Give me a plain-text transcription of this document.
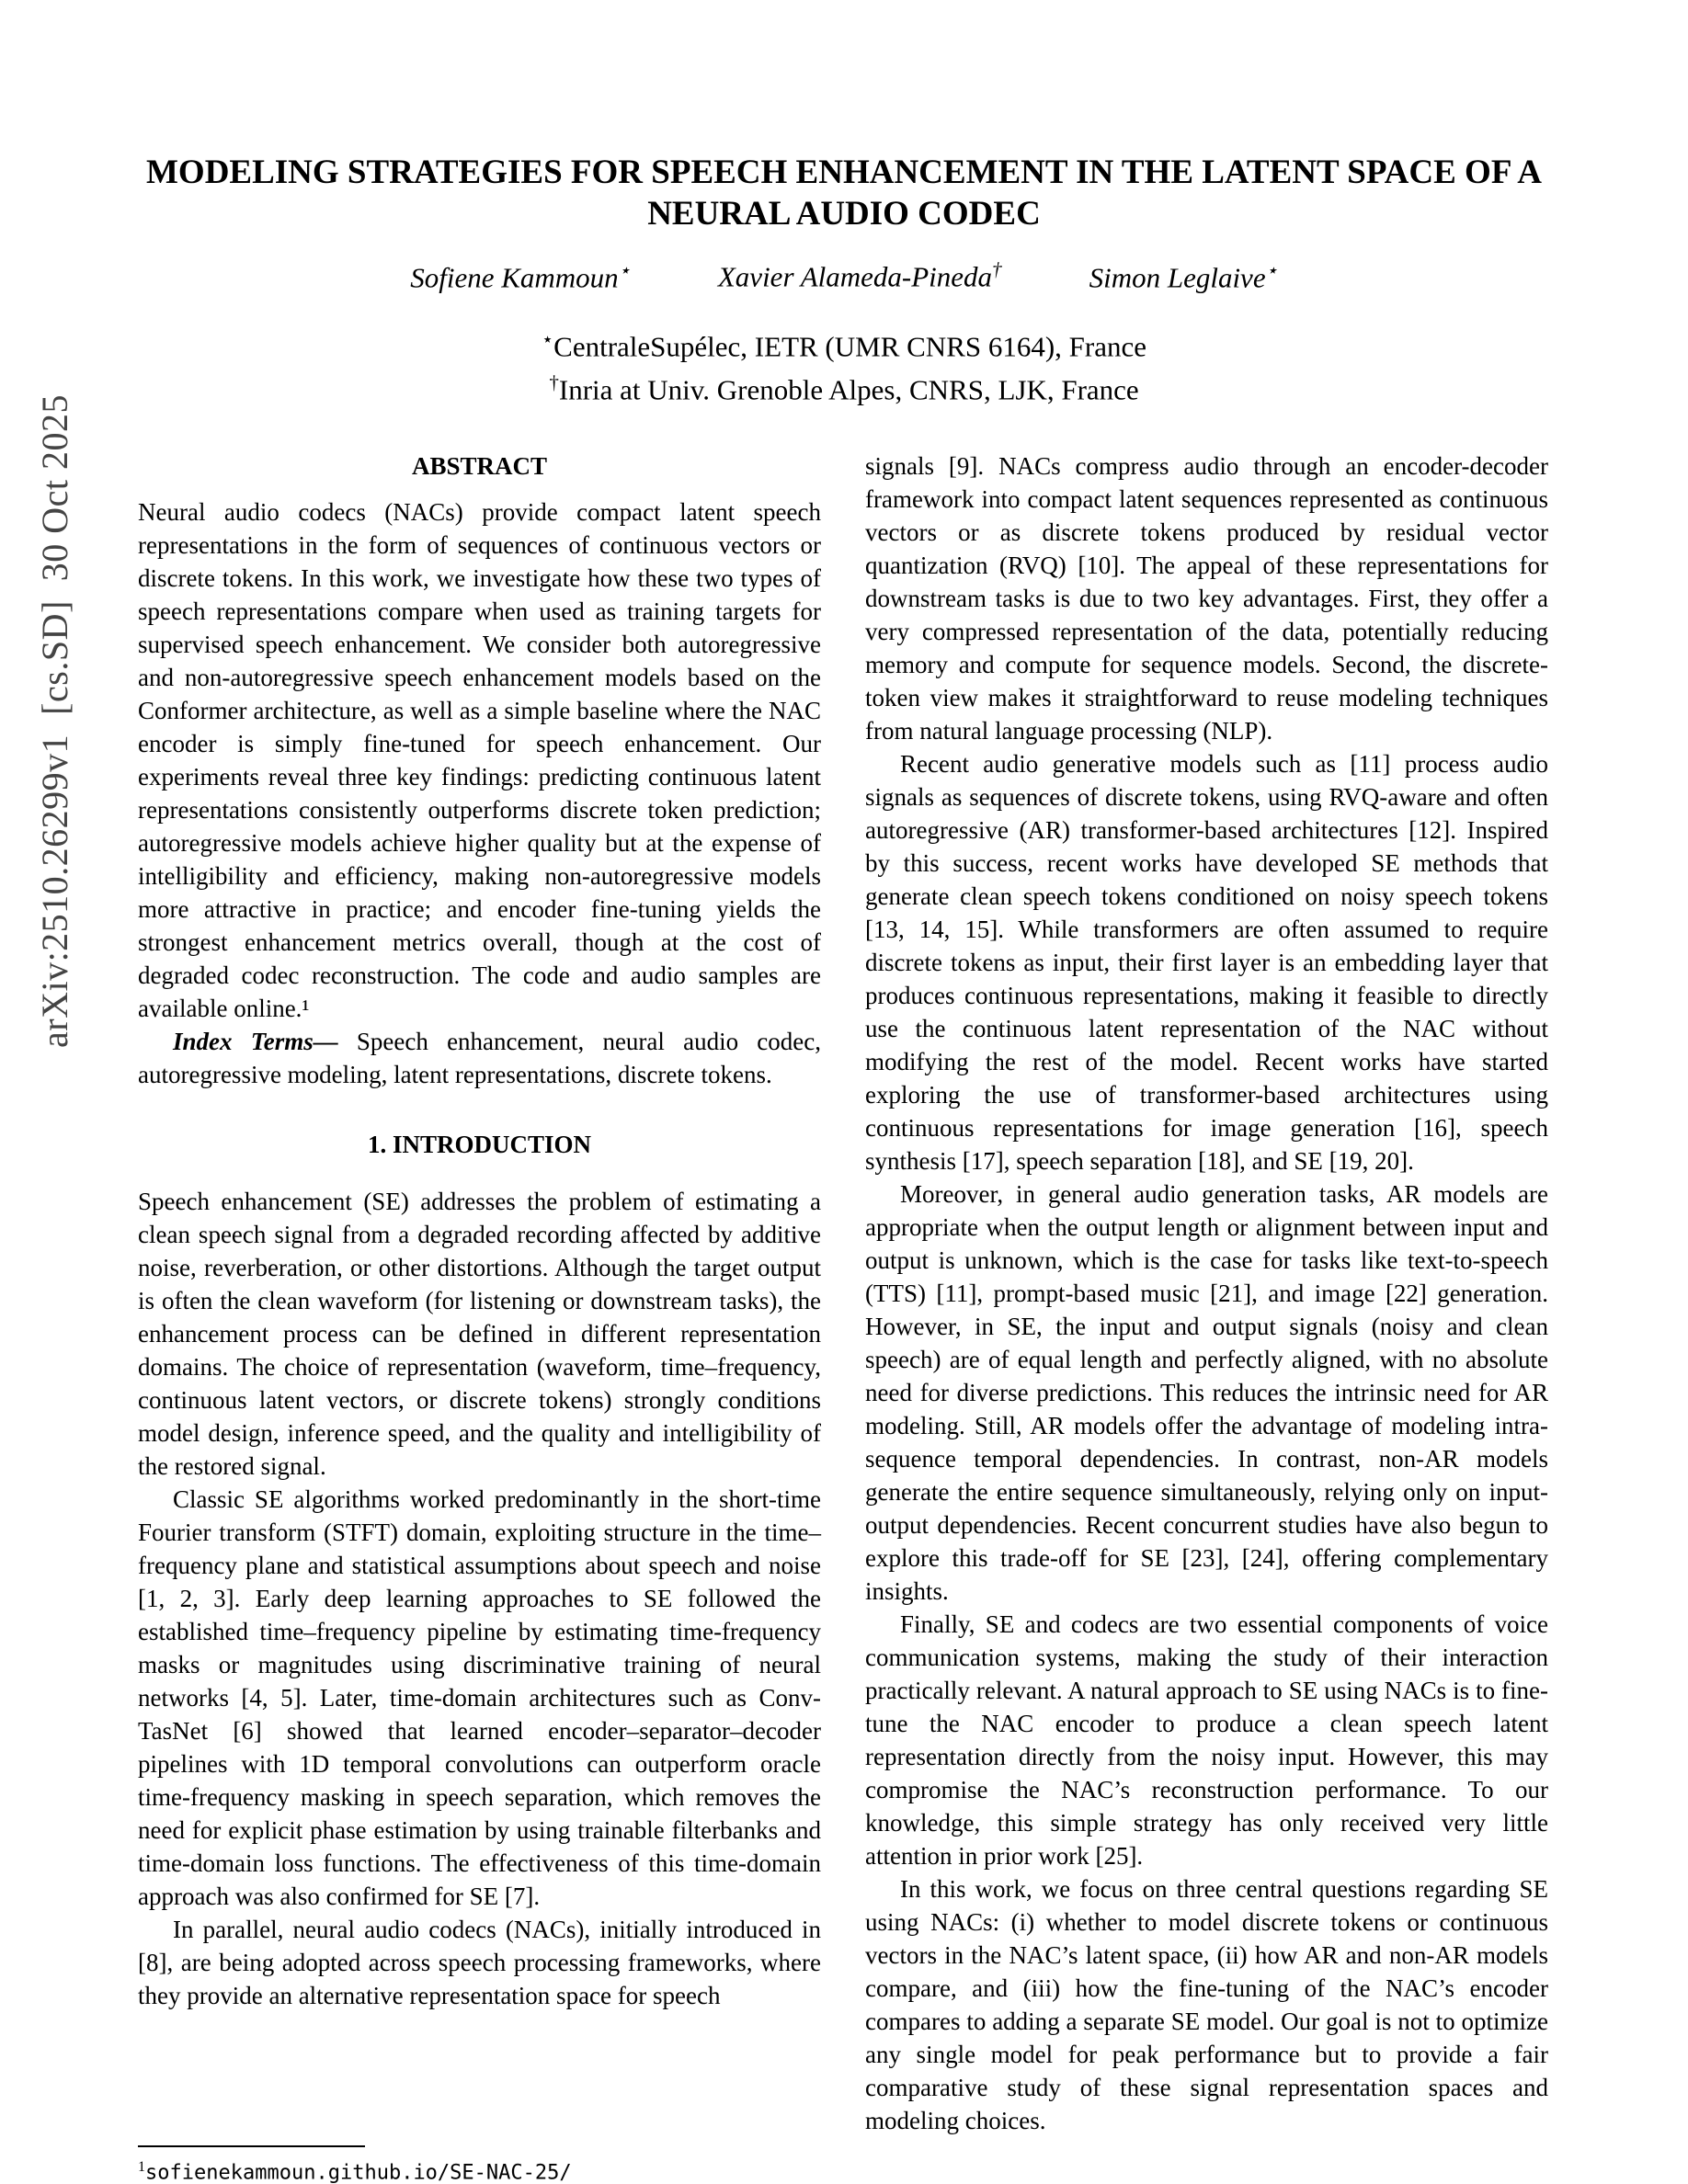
arXiv:2510.26299v1  [cs.SD]  30 Oct 2025
MODELING STRATEGIES FOR SPEECH ENHANCEMENT IN THE LATENT SPACE OF A
NEURAL AUDIO CODEC
Sofiene Kammoun⋆	Xavier Alameda-Pineda†	Simon Leglaive⋆
⋆CentraleSupélec, IETR (UMR CNRS 6164), France
†Inria at Univ. Grenoble Alpes, CNRS, LJK, France
ABSTRACT

Neural audio codecs (NACs) provide compact latent speech representations in the form of sequences of continuous vectors or discrete tokens. In this work, we investigate how these two types of speech representations compare when used as training targets for supervised speech enhancement. We consider both autoregressive and non-autoregressive speech enhancement models based on the Conformer architecture, as well as a simple baseline where the NAC encoder is simply fine-tuned for speech enhancement. Our experiments reveal three key findings: predicting continuous latent representations consistently outperforms discrete token prediction; autoregressive models achieve higher quality but at the expense of intelligibility and efficiency, making non-autoregressive models more attractive in practice; and encoder fine-tuning yields the strongest enhancement metrics overall, though at the cost of degraded codec reconstruction. The code and audio samples are available online.¹

Index Terms— Speech enhancement, neural audio codec, autoregressive modeling, latent representations, discrete tokens.

1. INTRODUCTION

Speech enhancement (SE) addresses the problem of estimating a clean speech signal from a degraded recording affected by additive noise, reverberation, or other distortions. Although the target output is often the clean waveform (for listening or downstream tasks), the enhancement process can be defined in different representation domains. The choice of representation (waveform, time–frequency, continuous latent vectors, or discrete tokens) strongly conditions model design, inference speed, and the quality and intelligibility of the restored signal.

Classic SE algorithms worked predominantly in the short-time Fourier transform (STFT) domain, exploiting structure in the time–frequency plane and statistical assumptions about speech and noise [1, 2, 3]. Early deep learning approaches to SE followed the established time–frequency pipeline by estimating time-frequency masks or magnitudes using discriminative training of neural networks [4, 5]. Later, time-domain architectures such as Conv-TasNet [6] showed that learned encoder–separator–decoder pipelines with 1D temporal convolutions can outperform oracle time-frequency masking in speech separation, which removes the need for explicit phase estimation by using trainable filterbanks and time-domain loss functions. The effectiveness of this time-domain approach was also confirmed for SE [7].

In parallel, neural audio codecs (NACs), initially introduced in [8], are being adopted across speech processing frameworks, where they provide an alternative representation space for speech

$^1$sofienekammoun.github.io/SE-NAC-25/

signals [9]. NACs compress audio through an encoder-decoder framework into compact latent sequences represented as continuous vectors or as discrete tokens produced by residual vector quantization (RVQ) [10]. The appeal of these representations for downstream tasks is due to two key advantages. First, they offer a very compressed representation of the data, potentially reducing memory and compute for sequence models. Second, the discrete-token view makes it straightforward to reuse modeling techniques from natural language processing (NLP).

Recent audio generative models such as [11] process audio signals as sequences of discrete tokens, using RVQ-aware and often autoregressive (AR) transformer-based architectures [12]. Inspired by this success, recent works have developed SE methods that generate clean speech tokens conditioned on noisy speech tokens [13, 14, 15]. While transformers are often assumed to require discrete tokens as input, their first layer is an embedding layer that produces continuous representations, making it feasible to directly use the continuous latent representation of the NAC without modifying the rest of the model. Recent works have started exploring the use of transformer-based architectures using continuous representations for image generation [16], speech synthesis [17], speech separation [18], and SE [19, 20].

Moreover, in general audio generation tasks, AR models are appropriate when the output length or alignment between input and output is unknown, which is the case for tasks like text-to-speech (TTS) [11], prompt-based music [21], and image [22] generation. However, in SE, the input and output signals (noisy and clean speech) are of equal length and perfectly aligned, with no absolute need for diverse predictions. This reduces the intrinsic need for AR modeling. Still, AR models offer the advantage of modeling intra-sequence temporal dependencies. In contrast, non-AR models generate the entire sequence simultaneously, relying only on input-output dependencies. Recent concurrent studies have also begun to explore this trade-off for SE [23], [24], offering complementary insights.

Finally, SE and codecs are two essential components of voice communication systems, making the study of their interaction practically relevant. A natural approach to SE using NACs is to fine-tune the NAC encoder to produce a clean speech latent representation directly from the noisy input. However, this may compromise the NAC’s reconstruction performance. To our knowledge, this simple strategy has only received very little attention in prior work [25].

In this work, we focus on three central questions regarding SE using NACs: (i) whether to model discrete tokens or continuous vectors in the NAC’s latent space, (ii) how AR and non-AR models compare, and (iii) how the fine-tuning of the NAC’s encoder compares to adding a separate SE model. Our goal is not to optimize any single model for peak performance but to provide a fair comparative study of these signal representation spaces and modeling choices.
